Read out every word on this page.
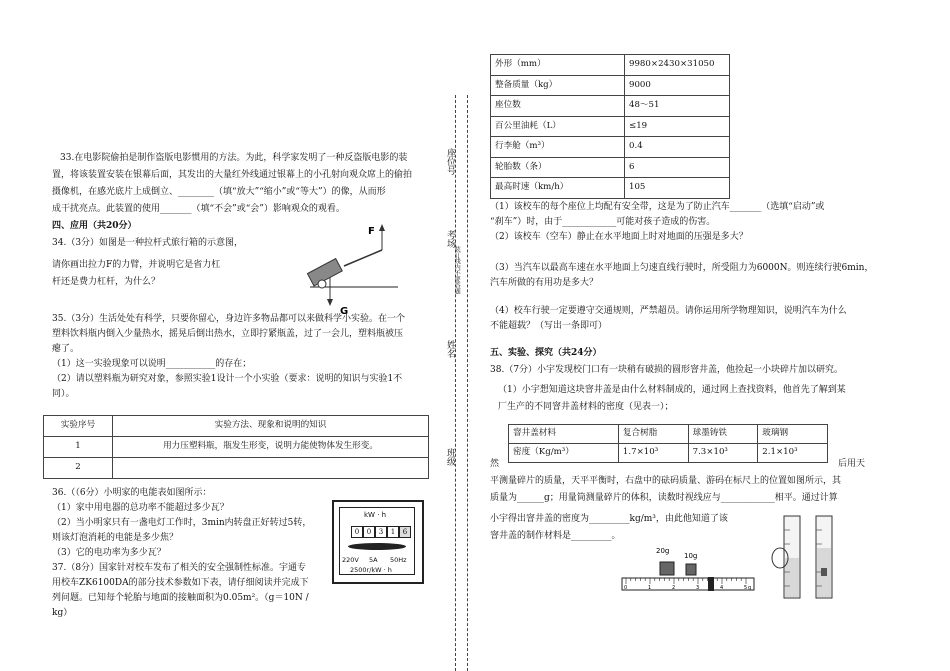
33.在电影院偷拍是制作盗版电影惯用的方法。为此，科学家发明了一种反盗版电影的装
置，将该装置安装在银幕后面，其发出的大量红外线通过银幕上的小孔射向观众席上的偷拍
摄像机，在感光底片上成倒立、________（填“放大”“缩小”或“等大”）的像，从而形
成干扰亮点。此装置的使用_______（填“不会”或“会”）影响观众的观看。
四、应用（共20分）
34.（3分）如图是一种拉杆式旅行箱的示意图，
请你画出拉力F的力臂，并说明它是省力杠
杆还是费力杠杆，为什么？
F
G
35.（3分）生活处处有科学，只要你留心，身边许多物品都可以来做科学小实验。在一个
塑料饮料瓶内倒入少量热水，摇晃后倒出热水，立即拧紧瓶盖，过了一会儿，塑料瓶被压
瘪了。
（1）这一实验现象可以说明___________的存在；
（2）请以塑料瓶为研究对象，参照实验1设计一个小实验（要求：说明的知识与实验1不
同）。
实验序号	实验方法、现象和说明的知识
1	用力压塑料瓶，瓶发生形变，说明力能使物体发生形变。
2	
36.（（6分）小明家的电能表如图所示：
（1）家中用电器的总功率不能超过多少瓦？
（2）当小明家只有一盏电灯工作时，3min内转盘正好转过5转，
则该灯泡消耗的电能是多少焦？
（3）它的电功率为多少瓦？
37.（8分）国家针对校车发布了相关的安全强制性标准。宇通专
用校车ZK6100DA的部分技术参数如下表，请仔细阅读并完成下
列问题。已知每个轮胎与地面的接触面积为0.05m²。（g＝10N /
kg）
kW · h
0	0	3	1	6
220V 5A 50Hz
2500r/kW · h
座位号
考场
装订线内不要答题
姓名
班级
外形（mm）	9980×2430×31050
整备质量（kg）	9000
座位数	48～51
百公里油耗（L）	≤19
行李舱（m³）	0.4
轮胎数（条）	6
最高时速（km/h）	105
（1）该校车的每个座位上均配有安全带，这是为了防止汽车_______（选填“启动”或
“刹车”）时，由于____________可能对孩子造成的伤害。
（2）该校车（空车）静止在水平地面上时对地面的压强是多大？
（3）当汽车以最高车速在水平地面上匀速直线行驶时，所受阻力为6000N。则连续行驶6min，
汽车所做的有用功是多大？
（4）校车行驶一定要遵守交通规则，严禁超员。请你运用所学物理知识，说明汽车为什么
不能超载？（写出一条即可）
五、实验、探究（共24分）
38.（7分）小宇发现校门口有一块稍有破损的圆形窨井盖，他捡起一小块碎片加以研究。
（1）小宇想知道这块窨井盖是由什么材料制成的，通过网上查找资料，他首先了解到某
厂生产的不同窨井盖材料的密度（见表一）；
窨井盖材料	复合树脂	球墨铸铁	玻璃钢
密度（Kg/m³）	1.7×10³	7.3×10³	2.1×10³
然	后用天
平测量碎片的质量，天平平衡时，右盘中的砝码质量、游码在标尺上的位置如图所示，其
质量为______g；用量筒测量碎片的体积，读数时视线应与____________相平。通过计算
小宇得出窨井盖的密度为_________kg/m³，由此他知道了该
窨井盖的制作材料是_________。
20g
10g
0	1	2	3	4	5 g
